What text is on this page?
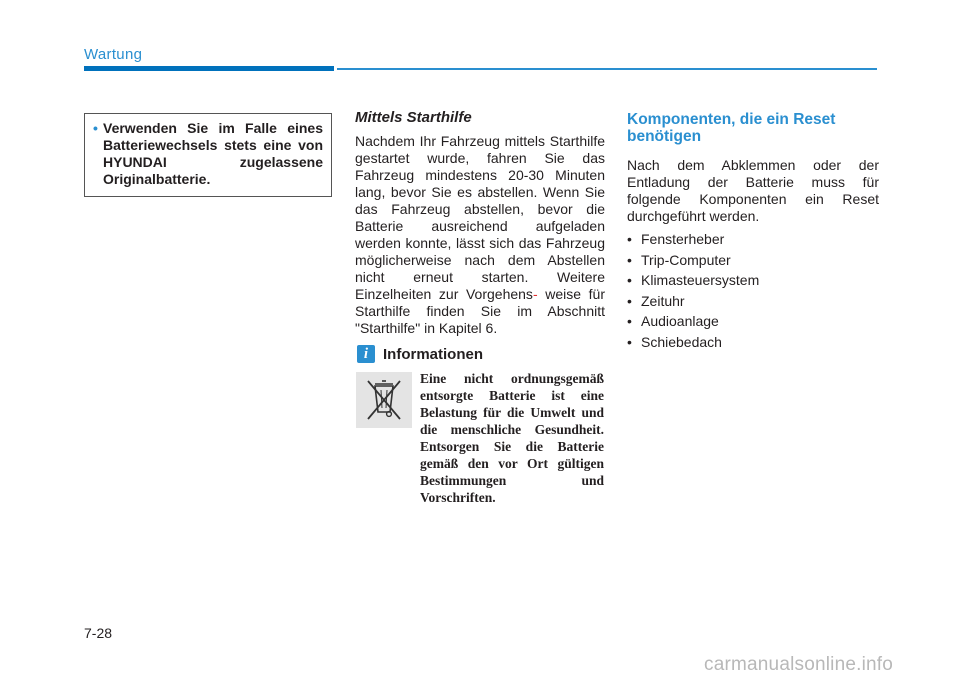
Wartung
• Verwenden Sie im Falle eines Batteriewechsels stets eine von HYUNDAI zugelassene Originalbatterie.

Mittels Starthilfe

Nachdem Ihr Fahrzeug mittels Starthilfe gestartet wurde, fahren Sie das Fahrzeug mindestens 20-30 Minuten lang, bevor Sie es abstellen. Wenn Sie das Fahrzeug abstellen, bevor die Batterie ausreichend aufgeladen werden konnte, lässt sich das Fahrzeug möglicherweise nach dem Abstellen nicht erneut starten. Weitere Einzelheiten zur Vorgehens- weise für Starthilfe finden Sie im Abschnitt "Starthilfe" in Kapitel 6.

i Informationen
Eine nicht ordnungsgemäß entsorgte Batterie ist eine Belastung für die Umwelt und die menschliche Gesundheit. Entsorgen Sie die Batterie gemäß den vor Ort gültigen Bestimmungen und Vorschriften.

Komponenten, die ein Reset benötigen

Nach dem Abklemmen oder der Entladung der Batterie muss für folgende Komponenten ein Reset durchgeführt werden.

• Fensterheber
• Trip-Computer
• Klimasteuersystem
• Zeituhr
• Audioanlage
• Schiebedach
7-28
carmanualsonline.info
